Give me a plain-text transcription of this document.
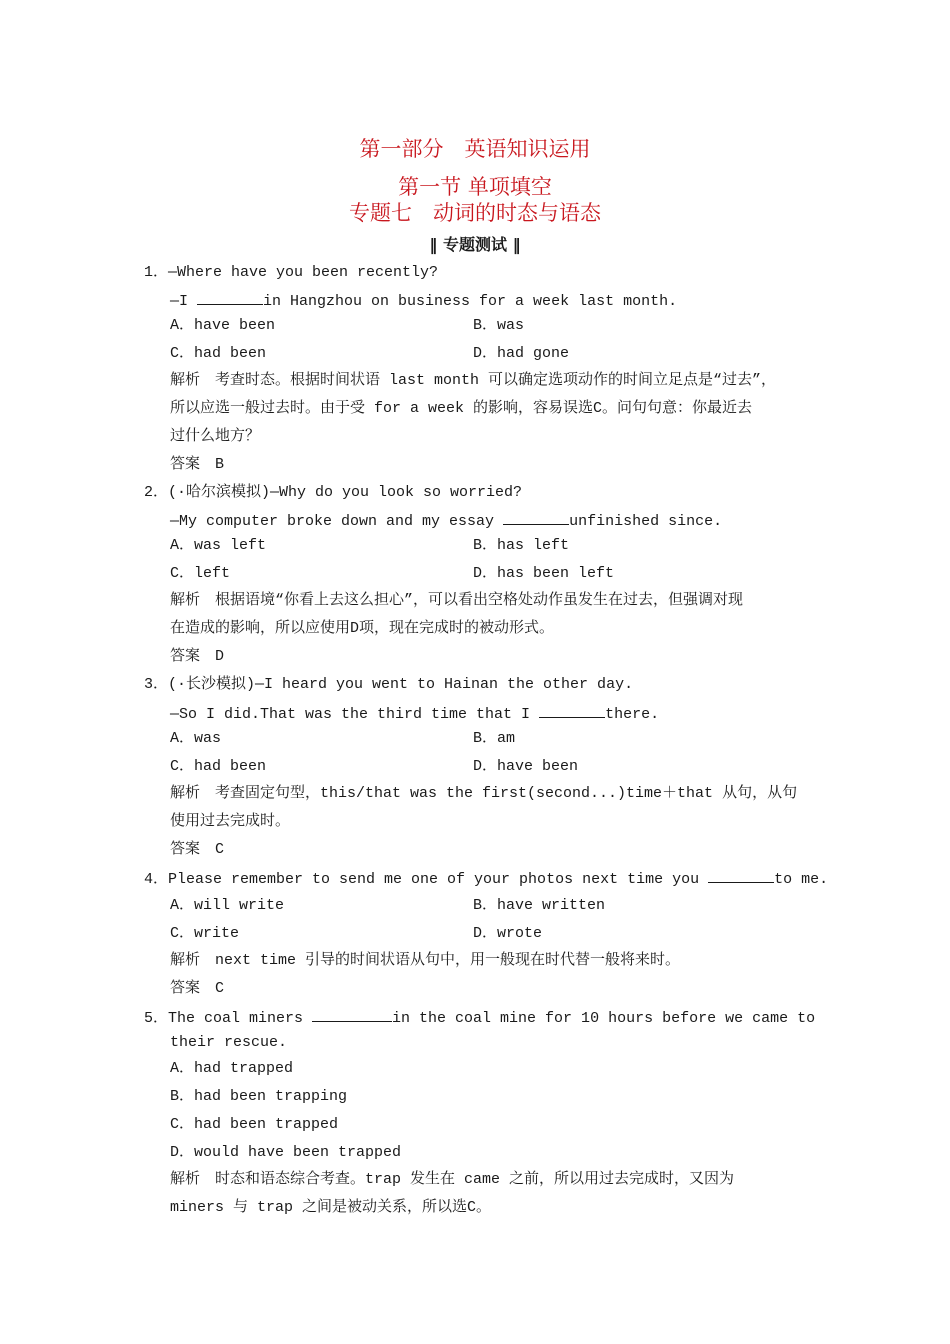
第一部分　英语知识运用
第一节 单项填空
专题七　动词的时态与语态
‖ 专题测试 ‖
1．—Where have you been recently?
—I	in Hangzhou on business for a week last month.
A．have been	B．was
C．had been	D．had gone
解析　考查时态。根据时间状语 last month 可以确定选项动作的时间立足点是“过去”，
所以应选一般过去时。由于受 for a week 的影响，容易误选C。问句句意：你最近去
过什么地方？
答案　B
2．(·哈尔滨模拟)—Why do you look so worried?
—My computer broke down and my essay	unfinished since.
A．was left	B．has left
C．left	D．has been left
解析　根据语境“你看上去这么担心”，可以看出空格处动作虽发生在过去，但强调对现
在造成的影响，所以应使用D项，现在完成时的被动形式。
答案　D
3．(·长沙模拟)—I heard you went to Hainan the other day.
—So I did.That was the third time that I	there.
A．was	B．am
C．had been	D．have been
解析　考查固定句型，this/that was the first(second...)time＋that 从句，从句
使用过去完成时。
答案　C
4．Please remember to send me one of your photos next time you	to me.
A．will write	B．have written
C．write	D．wrote
解析　next time 引导的时间状语从句中，用一般现在时代替一般将来时。
答案　C
5．The coal miners	in the coal mine for 10 hours before we came to
their rescue.
A．had trapped
B．had been trapping
C．had been trapped
D．would have been trapped
解析　时态和语态综合考查。trap 发生在 came 之前，所以用过去完成时，又因为
miners 与 trap 之间是被动关系，所以选C。
